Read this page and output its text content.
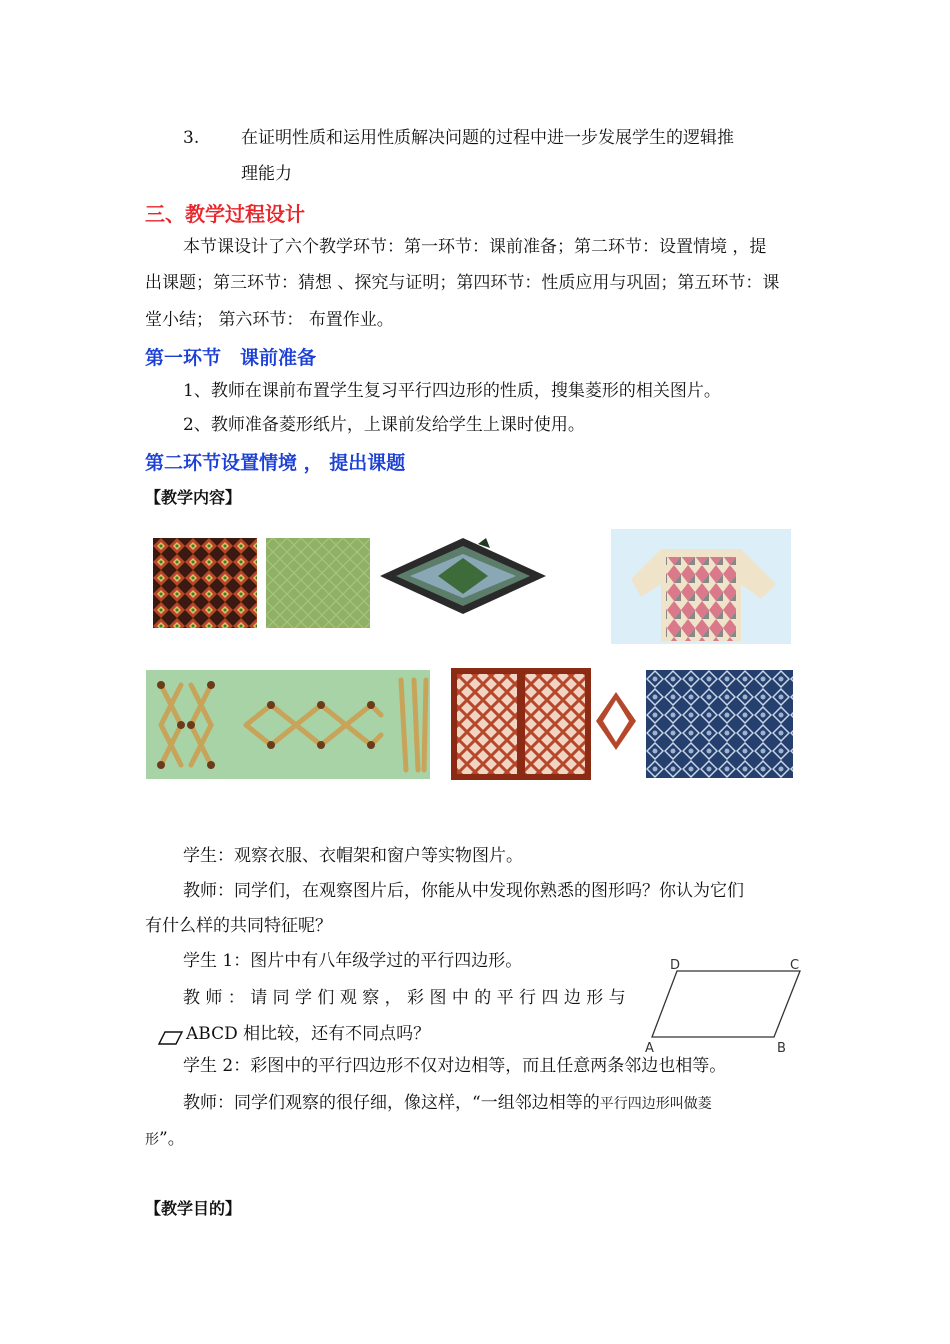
3. 在证明性质和运用性质解决问题的过程中进一步发展学生的逻辑推
理能力
三、教学过程设计
本节课设计了六个教学环节：第一环节：课前准备；第二环节：设置情境 ，提
出课题；第三环节：猜想 、探究与证明；第四环节：性质应用与巩固；第五环节：课
堂小结； 第六环节： 布置作业。
第一环节　课前准备
1、教师在课前布置学生复习平行四边形的性质，搜集菱形的相关图片。
2、教师准备菱形纸片，上课前发给学生上课时使用。
第二环节设置情境 ， 提出课题
【教学内容】
学生：观察衣服、衣帽架和窗户等实物图片。
教师：同学们，在观察图片后，你能从中发现你熟悉的图形吗？你认为它们
有什么样的共同特征呢？
学生 1：图片中有八年级学过的平行四边形。
教 师 ： 请 同 学 们 观 察 ， 彩 图 中 的 平 行 四 边 形 与
ABCD 相比较，还有不同点吗？
学生 2：彩图中的平行四边形不仅对边相等，而且任意两条邻边也相等。
教师：同学们观察的很仔细，像这样，“一组邻边相等的平行四边形叫做菱
形”。
D	C
A	B
【教学目的】
